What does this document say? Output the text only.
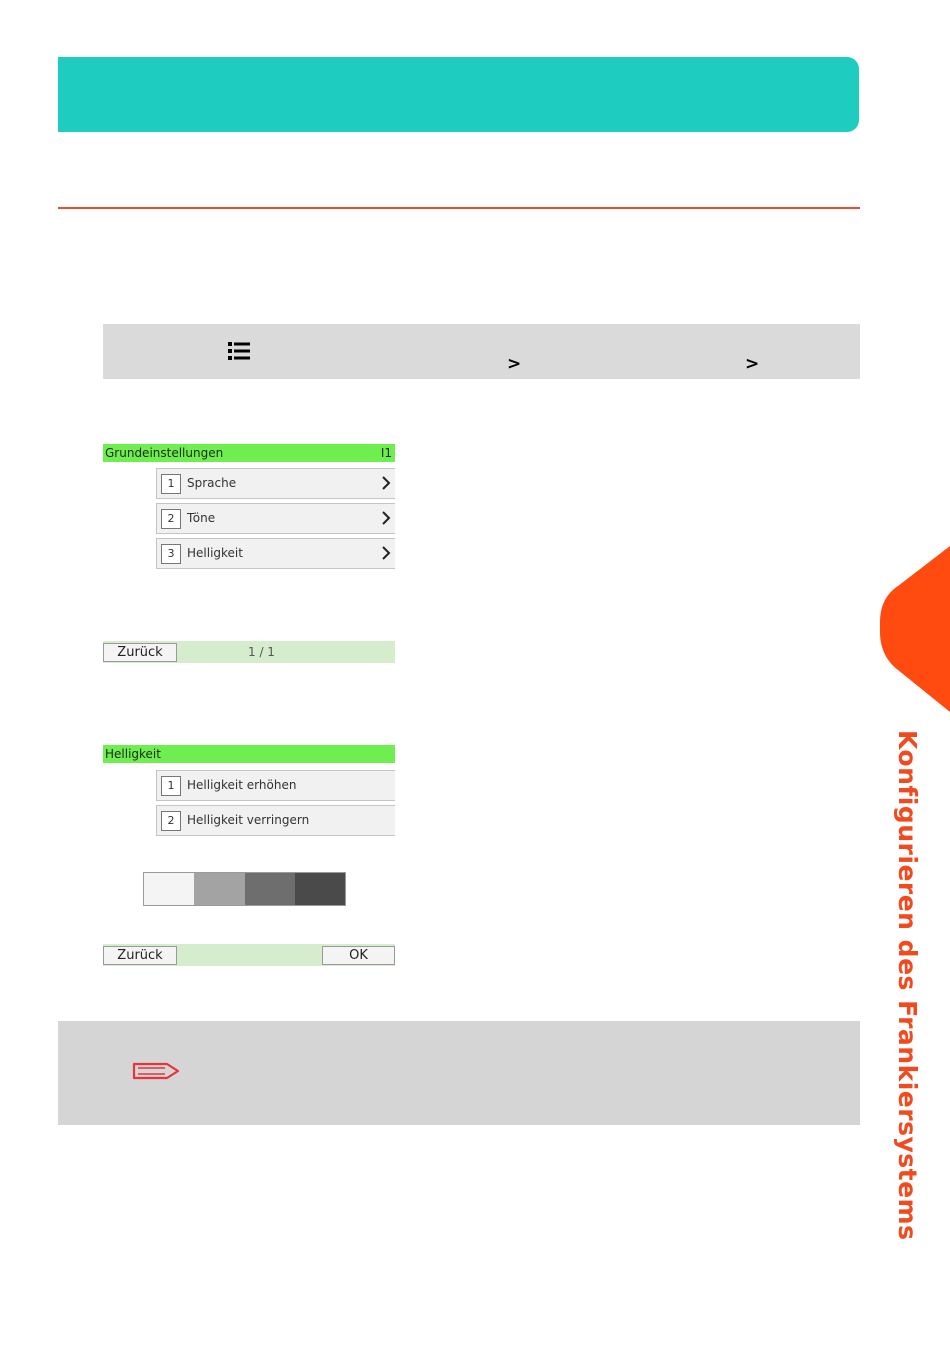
>	>
Grundeinstellungen	I1
1	Sprache
2	Töne
3	Helligkeit
Zurück	1 / 1
Helligkeit
1	Helligkeit erhöhen
2	Helligkeit verringern
Zurück	OK	Konfigurieren des Frankiersystems
